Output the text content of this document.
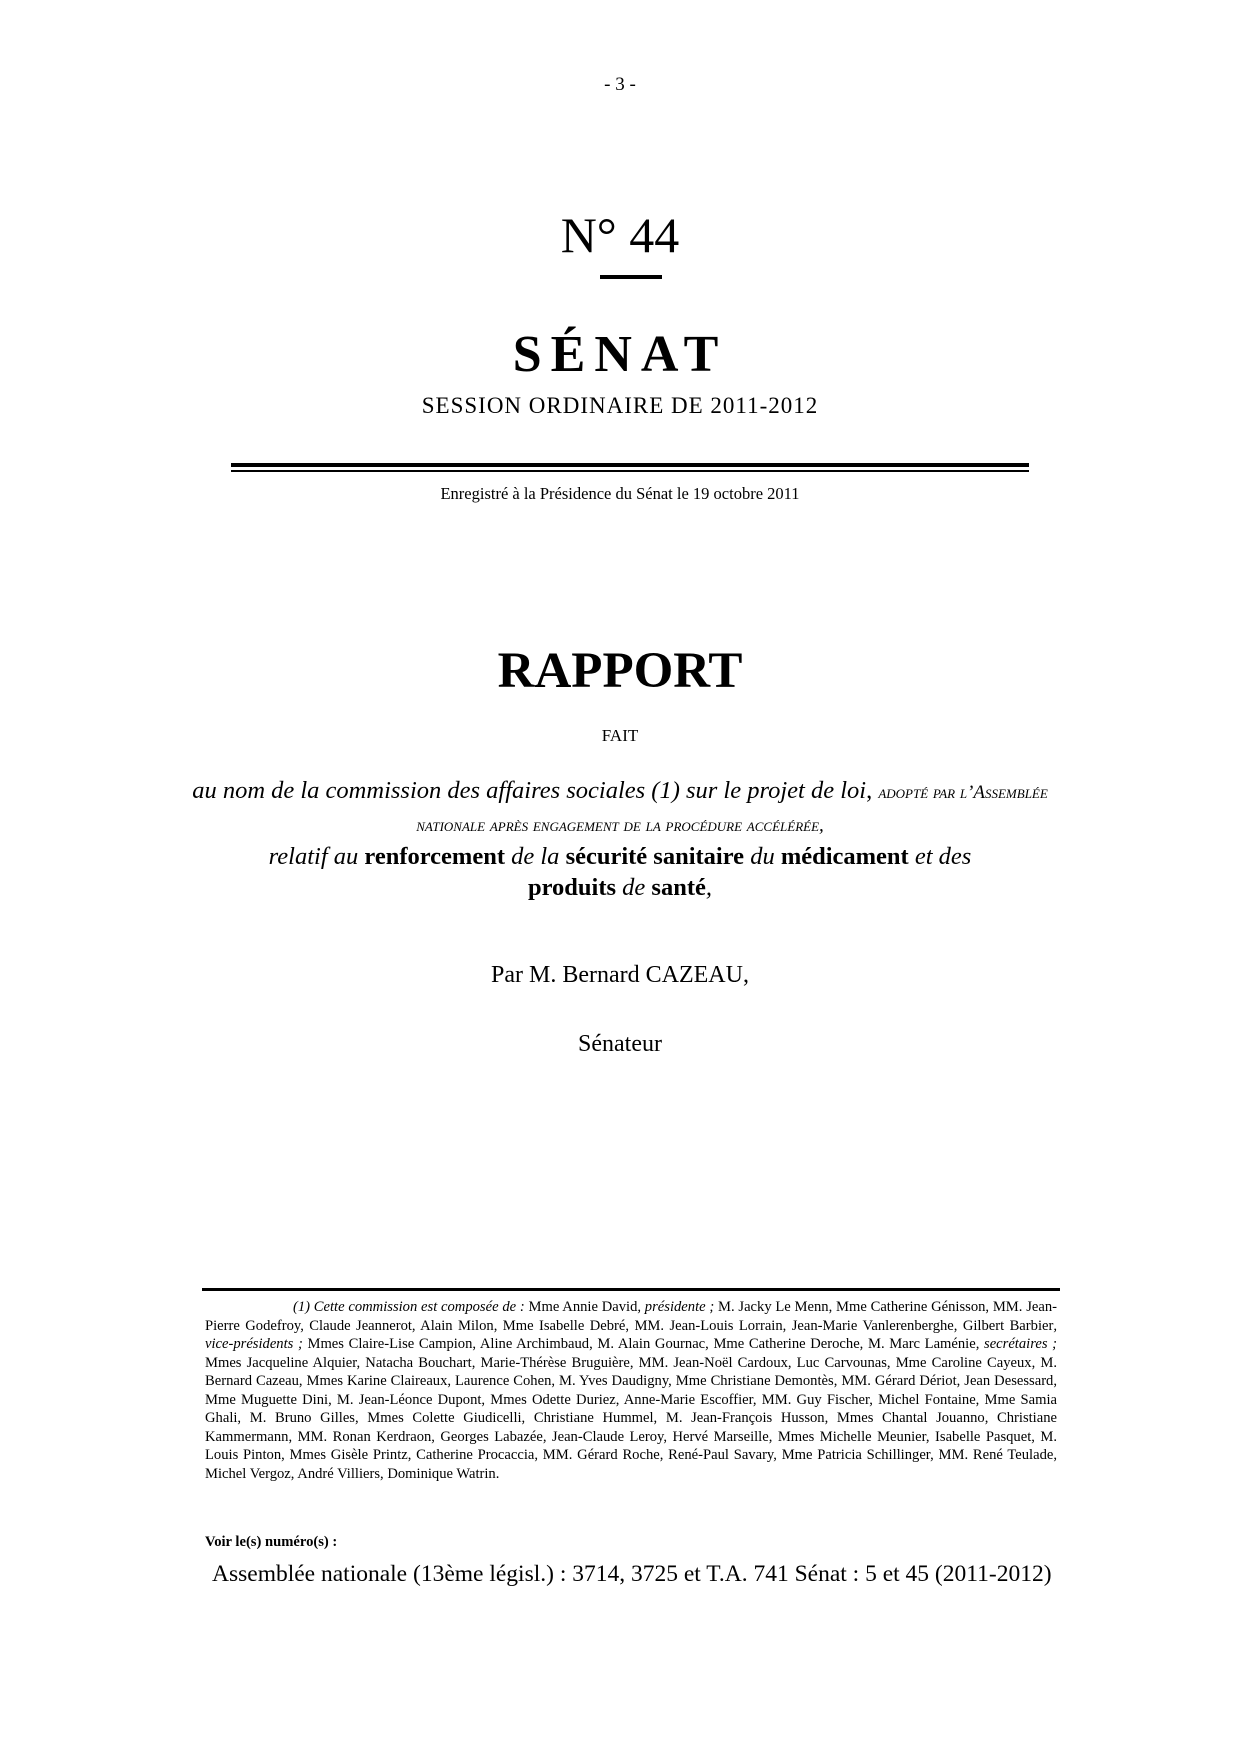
- 3 -
N° 44
SÉNAT
SESSION ORDINAIRE DE 2011-2012
Enregistré à la Présidence du Sénat le 19 octobre 2011
RAPPORT
FAIT
au nom de la commission des affaires sociales (1) sur le projet de loi, adopté par l’Assemblée nationale après engagement de la procédure accélérée,
relatif au renforcement de la sécurité sanitaire du médicament et des
produits de santé,
Par M. Bernard CAZEAU,
Sénateur

(1) Cette commission est composée de : Mme Annie David, présidente ; M. Jacky Le Menn, Mme Catherine Génisson, MM. Jean-Pierre Godefroy, Claude Jeannerot, Alain Milon, Mme Isabelle Debré, MM. Jean-Louis Lorrain, Jean-Marie Vanlerenberghe, Gilbert Barbier, vice-présidents ; Mmes Claire-Lise Campion, Aline Archimbaud, M. Alain Gournac, Mme Catherine Deroche, M. Marc Laménie, secrétaires ; Mmes Jacqueline Alquier, Natacha Bouchart, Marie-Thérèse Bruguière, MM. Jean-Noël Cardoux, Luc Carvounas, Mme Caroline Cayeux, M. Bernard Cazeau, Mmes Karine Claireaux, Laurence Cohen, M. Yves Daudigny, Mme Christiane Demontès, MM. Gérard Dériot, Jean Desessard, Mme Muguette Dini, M. Jean-Léonce Dupont, Mmes Odette Duriez, Anne-Marie Escoffier, MM. Guy Fischer, Michel Fontaine, Mme Samia Ghali, M. Bruno Gilles, Mmes Colette Giudicelli, Christiane Hummel, M. Jean-François Husson, Mmes Chantal Jouanno, Christiane Kammermann, MM. Ronan Kerdraon, Georges Labazée, Jean-Claude Leroy, Hervé Marseille, Mmes Michelle Meunier, Isabelle Pasquet, M. Louis Pinton, Mmes Gisèle Printz, Catherine Procaccia, MM. Gérard Roche, René-Paul Savary, Mme Patricia Schillinger, MM. René Teulade, Michel Vergoz, André Villiers, Dominique Watrin.

Voir le(s) numéro(s) :
Assemblée nationale (13ème législ.) : 3714, 3725 et T.A. 741 Sénat : 5 et 45 (2011-2012)
